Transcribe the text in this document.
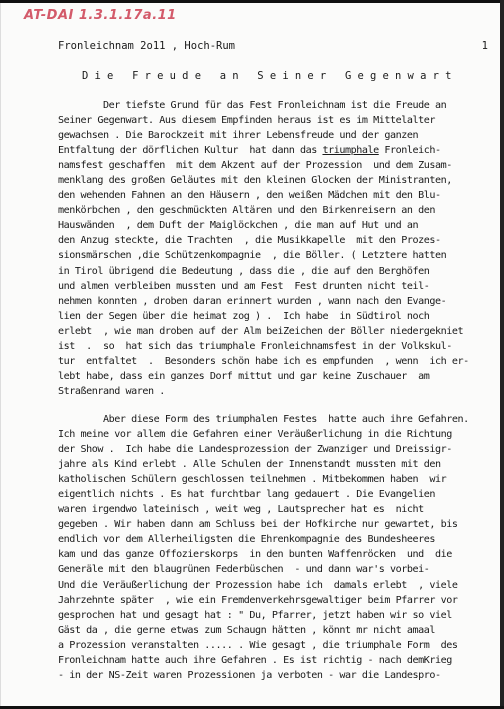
AT-DAI 1.3.1.17a.11
Fronleichnam 2o11 , Hoch-Rum	1
Die Freude an Seiner Gegenwart
Der tiefste Grund für das Fest Fronleichnam ist die Freude an
Seiner Gegenwart. Aus diesem Empfinden heraus ist es im Mittelalter
gewachsen . Die Barockzeit mit ihrer Lebensfreude und der ganzen
Entfaltung der dörflichen Kultur  hat dann das triumphale Fronleich-
namsfest geschaffen  mit dem Akzent auf der Prozession  und dem Zusam-
menklang des großen Geläutes mit den kleinen Glocken der Ministranten,
den wehenden Fahnen an den Häusern , den weißen Mädchen mit den Blu-
menkörbchen , den geschmückten Altären und den Birkenreisern an den
Hauswänden  , dem Duft der Maiglöckchen , die man auf Hut und an
den Anzug steckte, die Trachten  , die Musikkapelle  mit den Prozes-
sionsmärschen ,die Schützenkompagnie  , die Böller. ( Letztere hatten
in Tirol übrigend die Bedeutung , dass die , die auf den Berghöfen
und almen verbleiben mussten und am Fest  Fest drunten nicht teil-
nehmen konnten , droben daran erinnert wurden , wann nach den Evange-
lien der Segen über die heimat zog ) .  Ich habe  in Südtirol noch
erlebt  , wie man droben auf der Alm beiZeichen der Böller niedergekniet
ist  .  so  hat sich das triumphale Fronleichnamsfest in der Volkskul-
tur  entfaltet  .  Besonders schön habe ich es empfunden  , wenn  ich er-
lebt habe, dass ein ganzes Dorf mittut und gar keine Zuschauer  am
Straßenrand waren .
Aber diese Form des triumphalen Festes  hatte auch ihre Gefahren.
Ich meine vor allem die Gefahren einer Veräußerlichung in die Richtung
der Show .  Ich habe die Landesprozession der Zwanziger und Dreissigr-
jahre als Kind erlebt . Alle Schulen der Innenstandt mussten mit den
katholischen Schülern geschlossen teilnehmen . Mitbekommen haben  wir
eigentlich nichts . Es hat furchtbar lang gedauert . Die Evangelien
waren irgendwo lateinisch , weit weg , Lautsprecher hat es  nicht
gegeben . Wir haben dann am Schluss bei der Hofkirche nur gewartet, bis
endlich vor dem Allerheiligsten die Ehrenkompagnie des Bundesheeres
kam und das ganze Offozierskorps  in den bunten Waffenröcken  und  die
Generäle mit den blaugrünen Federbüschen  - und dann war's vorbei-
Und die Veräußerlichung der Prozession habe ich  damals erlebt  , viele
Jahrzehnte später  , wie ein Fremdenverkehrsgewaltiger beim Pfarrer vor
gesprochen hat und gesagt hat : " Du, Pfarrer, jetzt haben wir so viel
Gäst da , die gerne etwas zum Schaugn hätten , könnt mr nicht amaal
a Prozession veranstalten ..... . Wie gesagt , die triumphale Form  des
Fronleichnam hatte auch ihre Gefahren . Es ist richtig - nach demKrieg
- in der NS-Zeit waren Prozessionen ja verboten - war die Landespro-
